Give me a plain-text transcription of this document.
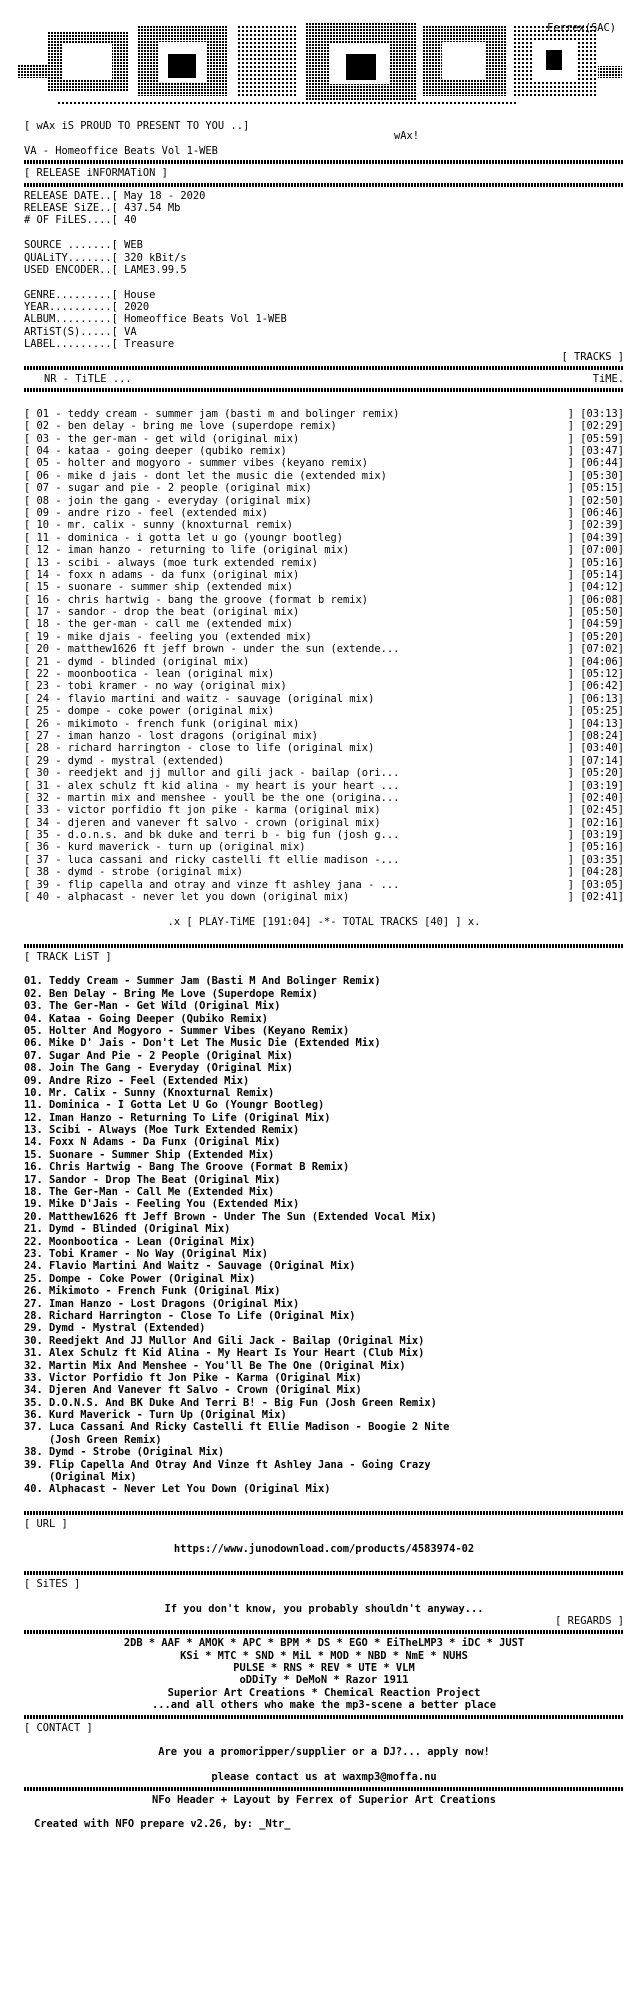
Ferrex(SAC)
wAx!
[ wAx iS PROUD TO PRESENT TO YOU ..]
VA - Homeoffice Beats Vol 1-WEB
[ RELEASE iNFORMATiON ]
RELEASE DATE..[ May 18 - 2020
RELEASE SiZE..[ 437.54 Mb
# OF FiLES....[ 40
SOURCE .......[ WEB
QUALiTY.......[ 320 kBit/s
USED ENCODER..[ LAME3.99.5
GENRE.........[ House
YEAR..........[ 2020
ALBUM.........[ Homeoffice Beats Vol 1-WEB
ARTiST(S).....[ VA
LABEL.........[ Treasure
[ TRACKS ]
NR - TiTLE ...	TiME.
[ 01 - teddy cream - summer jam (basti m and bolinger remix)	] [03:13]
[ 02 - ben delay - bring me love (superdope remix)	] [02:29]
[ 03 - the ger-man - get wild (original mix)	] [05:59]
[ 04 - kataa - going deeper (qubiko remix)	] [03:47]
[ 05 - holter and mogyoro - summer vibes (keyano remix)	] [06:44]
[ 06 - mike d jais - dont let the music die (extended mix)	] [05:30]
[ 07 - sugar and pie - 2 people (original mix)	] [05:15]
[ 08 - join the gang - everyday (original mix)	] [02:50]
[ 09 - andre rizo - feel (extended mix)	] [06:46]
[ 10 - mr. calix - sunny (knoxturnal remix)	] [02:39]
[ 11 - dominica - i gotta let u go (youngr bootleg)	] [04:39]
[ 12 - iman hanzo - returning to life (original mix)	] [07:00]
[ 13 - scibi - always (moe turk extended remix)	] [05:16]
[ 14 - foxx n adams - da funx (original mix)	] [05:14]
[ 15 - suonare - summer ship (extended mix)	] [04:12]
[ 16 - chris hartwig - bang the groove (format b remix)	] [06:08]
[ 17 - sandor - drop the beat (original mix)	] [05:50]
[ 18 - the ger-man - call me (extended mix)	] [04:59]
[ 19 - mike djais - feeling you (extended mix)	] [05:20]
[ 20 - matthew1626 ft jeff brown - under the sun (extende...	] [07:02]
[ 21 - dymd - blinded (original mix)	] [04:06]
[ 22 - moonbootica - lean (original mix)	] [05:12]
[ 23 - tobi kramer - no way (original mix)	] [06:42]
[ 24 - flavio martini and waitz - sauvage (original mix)	] [06:13]
[ 25 - dompe - coke power (original mix)	] [05:25]
[ 26 - mikimoto - french funk (original mix)	] [04:13]
[ 27 - iman hanzo - lost dragons (original mix)	] [08:24]
[ 28 - richard harrington - close to life (original mix)	] [03:40]
[ 29 - dymd - mystral (extended)	] [07:14]
[ 30 - reedjekt and jj mullor and gili jack - bailap (ori...	] [05:20]
[ 31 - alex schulz ft kid alina - my heart is your heart ...	] [03:19]
[ 32 - martin mix and menshee - youll be the one (origina...	] [02:40]
[ 33 - victor porfidio ft jon pike - karma (original mix)	] [02:45]
[ 34 - djeren and vanever ft salvo - crown (original mix)	] [02:16]
[ 35 - d.o.n.s. and bk duke and terri b - big fun (josh g...	] [03:19]
[ 36 - kurd maverick - turn up (original mix)	] [05:16]
[ 37 - luca cassani and ricky castelli ft ellie madison -...	] [03:35]
[ 38 - dymd - strobe (original mix)	] [04:28]
[ 39 - flip capella and otray and vinze ft ashley jana - ...	] [03:05]
[ 40 - alphacast - never let you down (original mix)	] [02:41]
.x [ PLAY-TiME [191:04] -*- TOTAL TRACKS [40] ] x.
[ TRACK LiST ]
01. Teddy Cream - Summer Jam (Basti M And Bolinger Remix)
02. Ben Delay - Bring Me Love (Superdope Remix)
03. The Ger-Man - Get Wild (Original Mix)
04. Kataa - Going Deeper (Qubiko Remix)
05. Holter And Mogyoro - Summer Vibes (Keyano Remix)
06. Mike D' Jais - Don't Let The Music Die (Extended Mix)
07. Sugar And Pie - 2 People (Original Mix)
08. Join The Gang - Everyday (Original Mix)
09. Andre Rizo - Feel (Extended Mix)
10. Mr. Calix - Sunny (Knoxturnal Remix)
11. Dominica - I Gotta Let U Go (Youngr Bootleg)
12. Iman Hanzo - Returning To Life (Original Mix)
13. Scibi - Always (Moe Turk Extended Remix)
14. Foxx N Adams - Da Funx (Original Mix)
15. Suonare - Summer Ship (Extended Mix)
16. Chris Hartwig - Bang The Groove (Format B Remix)
17. Sandor - Drop The Beat (Original Mix)
18. The Ger-Man - Call Me (Extended Mix)
19. Mike D'Jais - Feeling You (Extended Mix)
20. Matthew1626 ft Jeff Brown - Under The Sun (Extended Vocal Mix)
21. Dymd - Blinded (Original Mix)
22. Moonbootica - Lean (Original Mix)
23. Tobi Kramer - No Way (Original Mix)
24. Flavio Martini And Waitz - Sauvage (Original Mix)
25. Dompe - Coke Power (Original Mix)
26. Mikimoto - French Funk (Original Mix)
27. Iman Hanzo - Lost Dragons (Original Mix)
28. Richard Harrington - Close To Life (Original Mix)
29. Dymd - Mystral (Extended)
30. Reedjekt And JJ Mullor And Gili Jack - Bailap (Original Mix)
31. Alex Schulz ft Kid Alina - My Heart Is Your Heart (Club Mix)
32. Martin Mix And Menshee - You'll Be The One (Original Mix)
33. Victor Porfidio ft Jon Pike - Karma (Original Mix)
34. Djeren And Vanever ft Salvo - Crown (Original Mix)
35. D.O.N.S. And BK Duke And Terri B! - Big Fun (Josh Green Remix)
36. Kurd Maverick - Turn Up (Original Mix)
37. Luca Cassani And Ricky Castelli ft Ellie Madison - Boogie 2 Nite
(Josh Green Remix)
38. Dymd - Strobe (Original Mix)
39. Flip Capella And Otray And Vinze ft Ashley Jana - Going Crazy
(Original Mix)
40. Alphacast - Never Let You Down (Original Mix)
[ URL ]
https://www.junodownload.com/products/4583974-02
[ SiTES ]
If you don't know, you probably shouldn't anyway...
[ REGARDS ]
2DB * AAF * AMOK * APC * BPM * DS * EGO * EiTheLMP3 * iDC * JUST
KSi * MTC * SND * MiL * MOD * NBD * NmE * NUHS
PULSE * RNS * REV * UTE * VLM
oDDiTy * DeMoN * Razor 1911
Superior Art Creations * Chemical Reaction Project
...and all others who make the mp3-scene a better place
[ CONTACT ]
Are you a promoripper/supplier or a DJ?... apply now!
please contact us at waxmp3@moffa.nu
NFo Header + Layout by Ferrex of Superior Art Creations
Created with NFO prepare v2.26, by: _Ntr_
